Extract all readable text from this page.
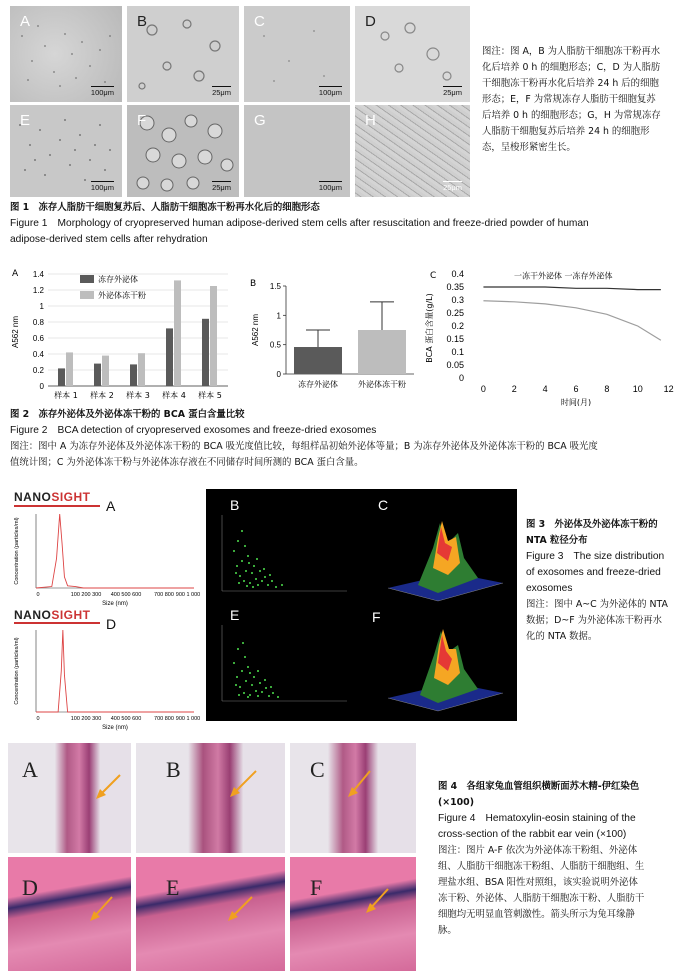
A
100μm
B
25μm
C
100μm
D
25μm
E
100μm
F
25μm
G
100μm
H
25μm
图注：图 A，B 为人脂肪干细胞冻干粉再水
化后培养 0 h 的细胞形态；C，D 为人脂肪
干细胞冻干粉再水化后培养 24 h 后的细胞
形态；E，F 为常规冻存人脂肪干细胞复苏
后培养 0 h 的细胞形态；G，H 为常规冻存
人脂肪干细胞复苏后培养 24 h 的细胞形
态，呈梭形紧密生长。
图 1　冻存人脂肪干细胞复苏后、人脂肪干细胞冻干粉再水化后的细胞形态
Figure 1　Morphology of cryopreserved human adipose-derived stem cells after resuscitation and freeze-dried powder of human
adipose-derived stem cells after rehydration
A
0
0.2
0.4
0.6
0.8
1
1.2
1.4
A562 nm
样本 1 样本 2 样本 3 样本 4 样本 5
冻存外泌体
外泌体冻干粉
B
0
0.5
1
1.5
A562 nm
冻存外泌体	外泌体冻干粉
C
0
0.05
0.1
0.15
0.2
0.25
0.3
0.35
0.4
0	2	4	6	8	10 12
BCA 蛋白含量(g/L)
时间(月)
一冻干外泌体 一冻存外泌体
图 2　冻存外泌体及外泌体冻干粉的 BCA 蛋白含量比较
Figure 2　BCA detection of cryopreserved exosomes and freeze-dried exosomes
图注：图中 A 为冻存外泌体及外泌体冻干粉的 BCA 吸光度值比较，每组样品初始外泌体等量；B 为冻存外泌体及外泌体冻干粉的 BCA 吸光度
值统计图；C 为外泌体冻干粉与外泌体冻存液在不同储存时间所测的 BCA 蛋白含量。
NANOSIGHT
A
Concentration (particles/ml)
Size (nm)
0	100 200 300 400 500 600 700 800 900 1 000
NANOSIGHT
D
Concentration (particles/ml)
Size (nm)
0	100 200 300 400 500 600 700 800 900 1 000
B	C
E	F
图 3　外泌体及外泌体冻干粉的
NTA 粒径分布
Figure 3　The size distribution
of exosomes and freeze-dried
exosomes
图注：图中 A~C 为外泌体的 NTA
数据；D~F 为外泌体冻干粉再水
化的 NTA 数据。
A	B	C
D	E	F
图 4　各组家兔血管组织横断面苏木精-伊红染色
(×100)
Figure 4　Hematoxylin-eosin staining of the
cross-section of the rabbit ear vein (×100)
图注：图片 A-F 依次为外泌体冻干粉组、外泌体
组、人脂肪干细胞冻干粉组、人脂肪干细胞组、生
理盐水组、BSA 阳性对照组，该实验说明外泌体
冻干粉、外泌体、人脂肪干细胞冻干粉、人脂肪干
细胞均无明显血管刺激性。箭头所示为兔耳缘静
脉。
